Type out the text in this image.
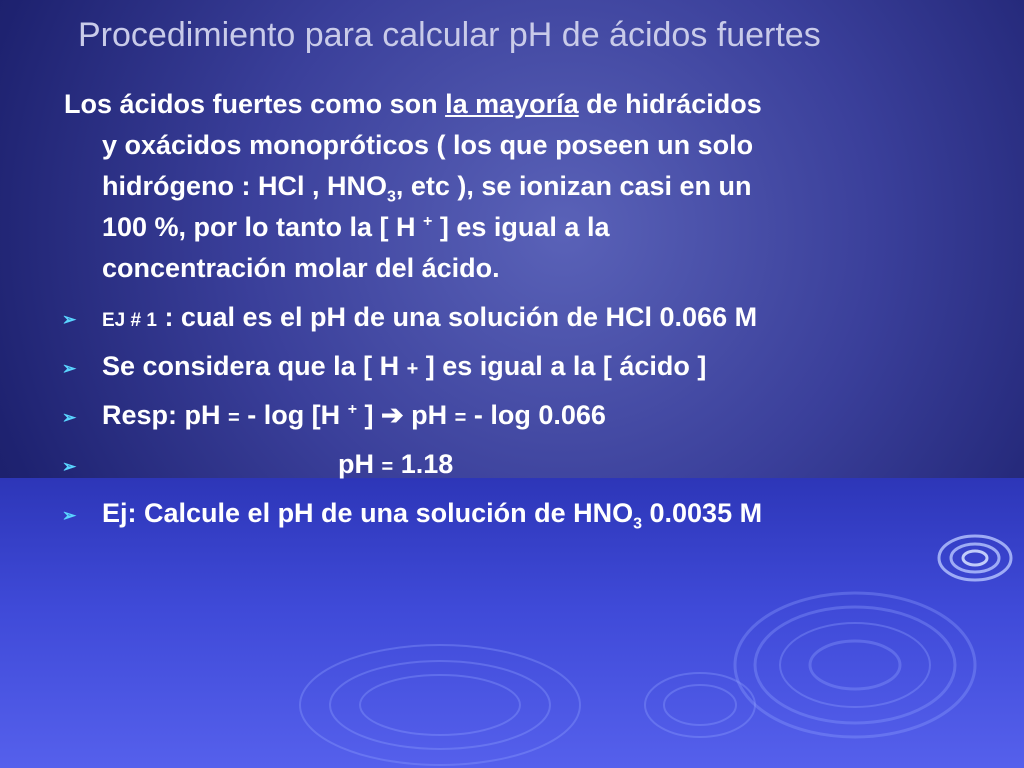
Procedimiento para calcular pH de ácidos fuertes
Los ácidos fuertes como son la mayoría de hidrácidos
y oxácidos monopróticos ( los que poseen un solo
hidrógeno : HCl , $HNO_3$, etc ), se ionizan casi en un
100 %, por lo tanto la [ H + ] es igual a la
concentración molar del ácido.
➢ EJ # 1 : cual es el pH de una solución de HCl 0.066 M
➢ Se considera que la [ H + ] es igual a la [ ácido ]
➢ Resp: pH = - log [H + ] ➔ pH = - log 0.066
➢	pH = 1.18
➢ Ej: Calcule el pH de una solución de $HNO_3$ 0.0035 M
